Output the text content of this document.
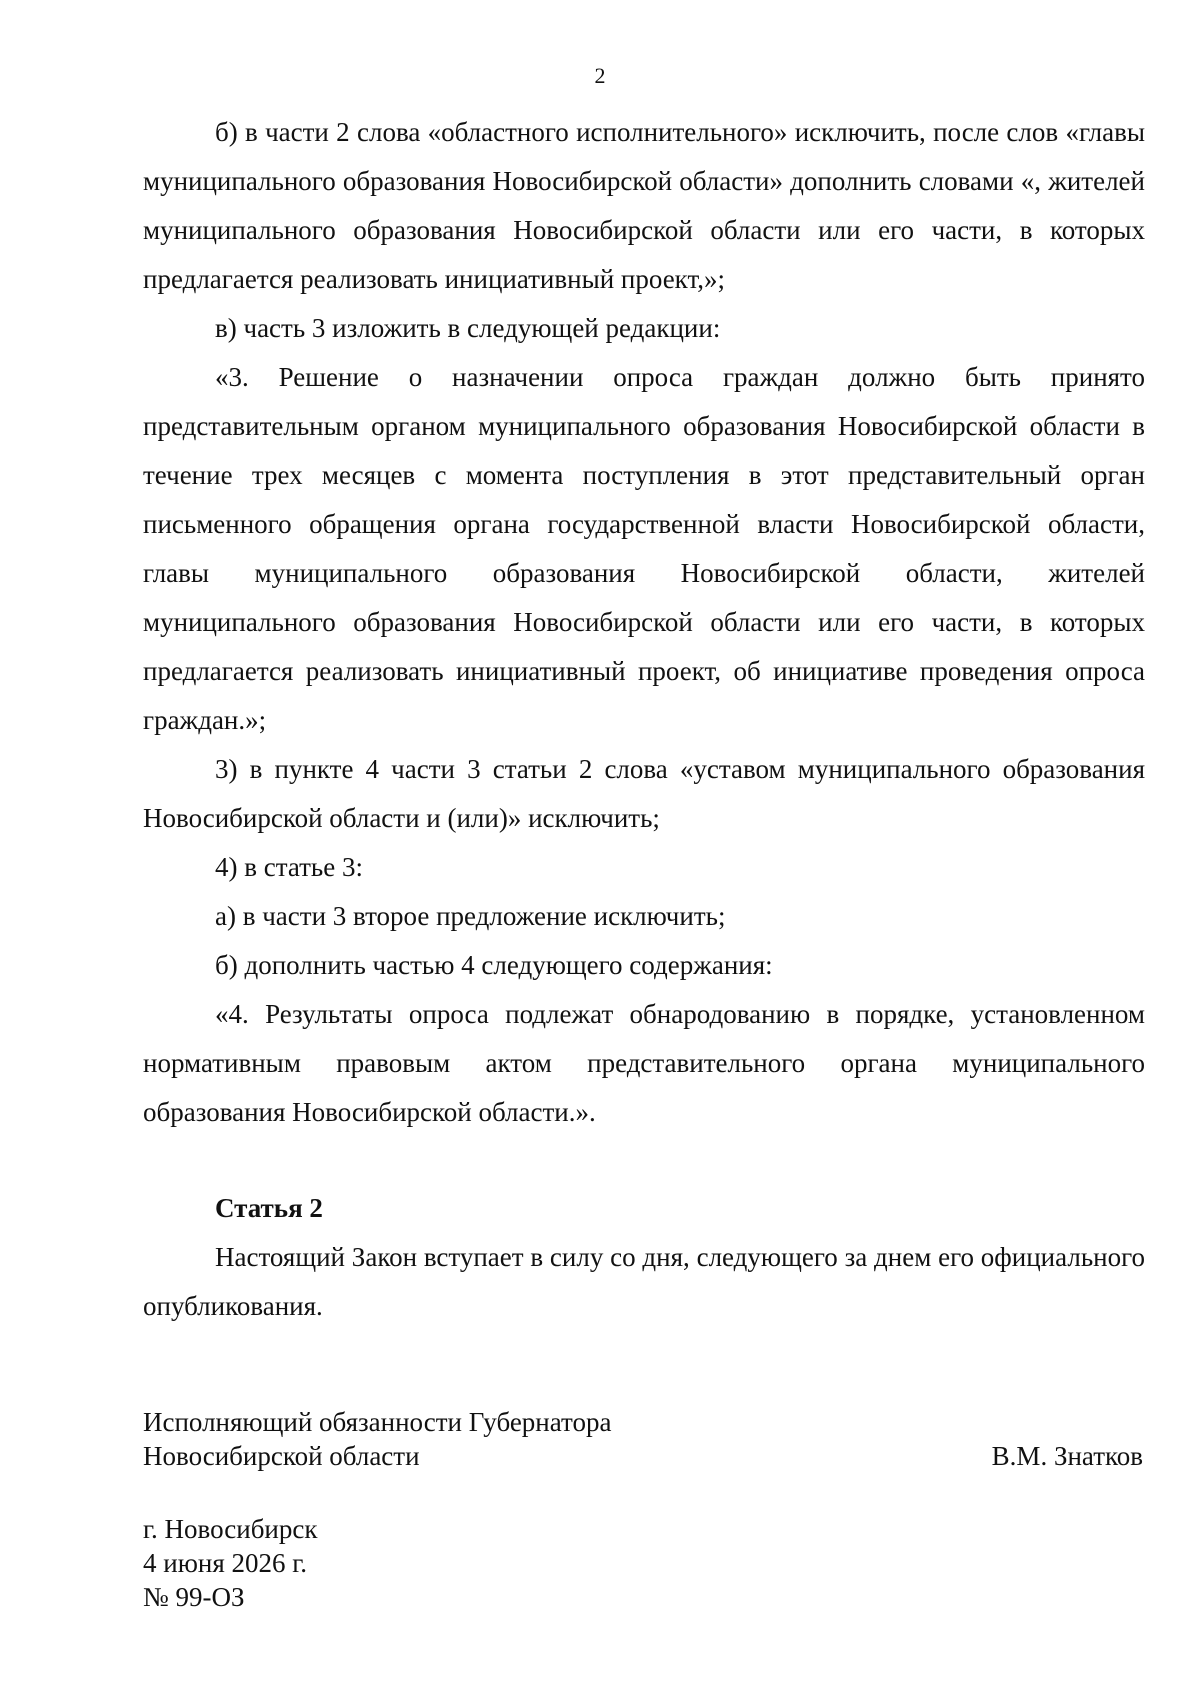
2

б) в части 2 слова «областного исполнительного» исключить, после слов «главы муниципального образования Новосибирской области» дополнить словами «, жителей муниципального образования Новосибирской области или его части, в которых предлагается реализовать инициативный проект,»;

в) часть 3 изложить в следующей редакции:

«3. Решение о назначении опроса граждан должно быть принято представительным органом муниципального образования Новосибирской области в течение трех месяцев с момента поступления в этот представительный орган письменного обращения органа государственной власти Новосибирской области, главы муниципального образования Новосибирской области, жителей муниципального образования Новосибирской области или его части, в которых предлагается реализовать инициативный проект, об инициативе проведения опроса граждан.»;

3) в пункте 4 части 3 статьи 2 слова «уставом муниципального образования Новосибирской области и (или)» исключить;

4) в статье 3:

а) в части 3 второе предложение исключить;

б) дополнить частью 4 следующего содержания:

«4. Результаты опроса подлежат обнародованию в порядке, установленном нормативным правовым актом представительного органа муниципального образования Новосибирской области.».

Статья 2

Настоящий Закон вступает в силу со дня, следующего за днем его официального опубликования.

Исполняющий обязанности Губернатора
Новосибирской области	В.М. Знатков
г. Новосибирск
4 июня 2026 г.
№ 99-ОЗ
